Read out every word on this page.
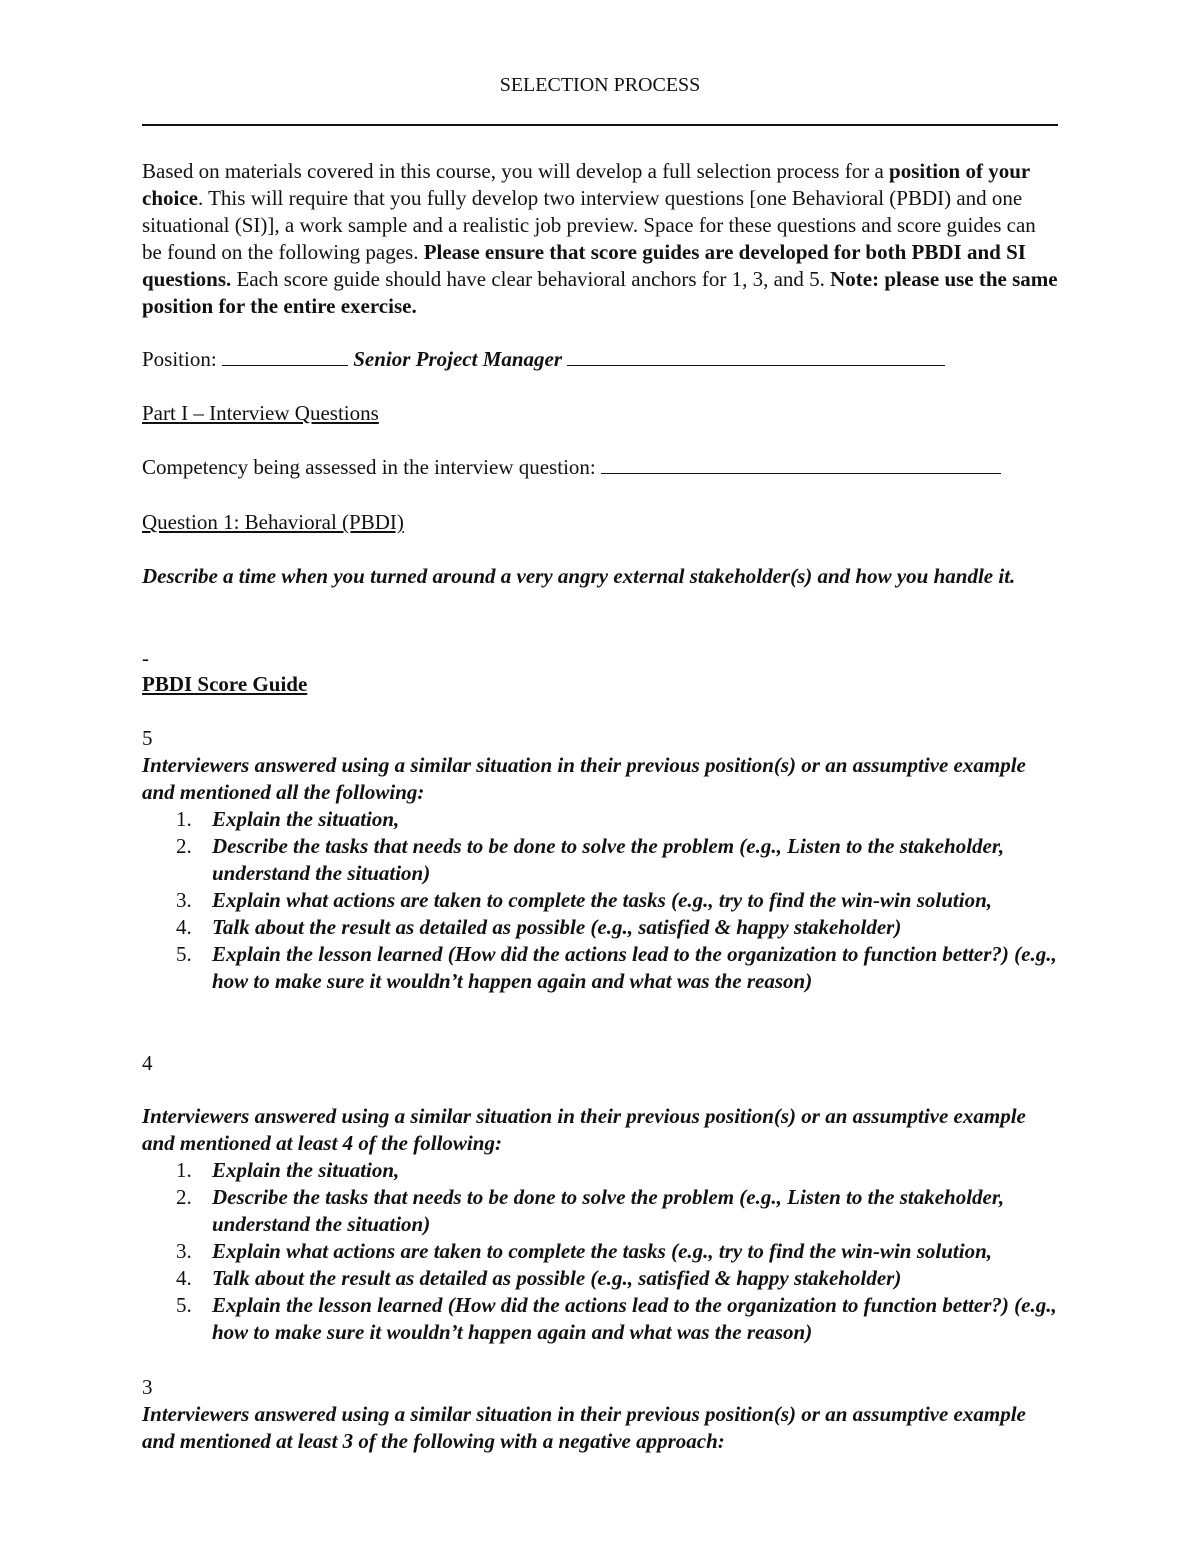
SELECTION PROCESS
Based on materials covered in this course, you will develop a full selection process for a position of your choice. This will require that you fully develop two interview questions [one Behavioral (PBDI) and one situational (SI)], a work sample and a realistic job preview. Space for these questions and score guides can be found on the following pages. Please ensure that score guides are developed for both PBDI and SI questions. Each score guide should have clear behavioral anchors for 1, 3, and 5. Note: please use the same position for the entire exercise.
Position:	Senior Project Manager
Part I – Interview Questions
Competency being assessed in the interview question:
Question 1: Behavioral (PBDI)
Describe a time when you turned around a very angry external stakeholder(s) and how you handle it.
-
PBDI Score Guide
5
Interviewers answered using a similar situation in their previous position(s) or an assumptive example and mentioned all the following:
1. Explain the situation,
2. Describe the tasks that needs to be done to solve the problem (e.g., Listen to the stakeholder, understand the situation)
3. Explain what actions are taken to complete the tasks (e.g., try to find the win-win solution,
4. Talk about the result as detailed as possible (e.g., satisfied & happy stakeholder)
5. Explain the lesson learned (How did the actions lead to the organization to function better?) (e.g., how to make sure it wouldn’t happen again and what was the reason)
4
Interviewers answered using a similar situation in their previous position(s) or an assumptive example and mentioned at least 4 of the following:
1. Explain the situation,
2. Describe the tasks that needs to be done to solve the problem (e.g., Listen to the stakeholder, understand the situation)
3. Explain what actions are taken to complete the tasks (e.g., try to find the win-win solution,
4. Talk about the result as detailed as possible (e.g., satisfied & happy stakeholder)
5. Explain the lesson learned (How did the actions lead to the organization to function better?) (e.g., how to make sure it wouldn’t happen again and what was the reason)
3
Interviewers answered using a similar situation in their previous position(s) or an assumptive example and mentioned at least 3 of the following with a negative approach:
